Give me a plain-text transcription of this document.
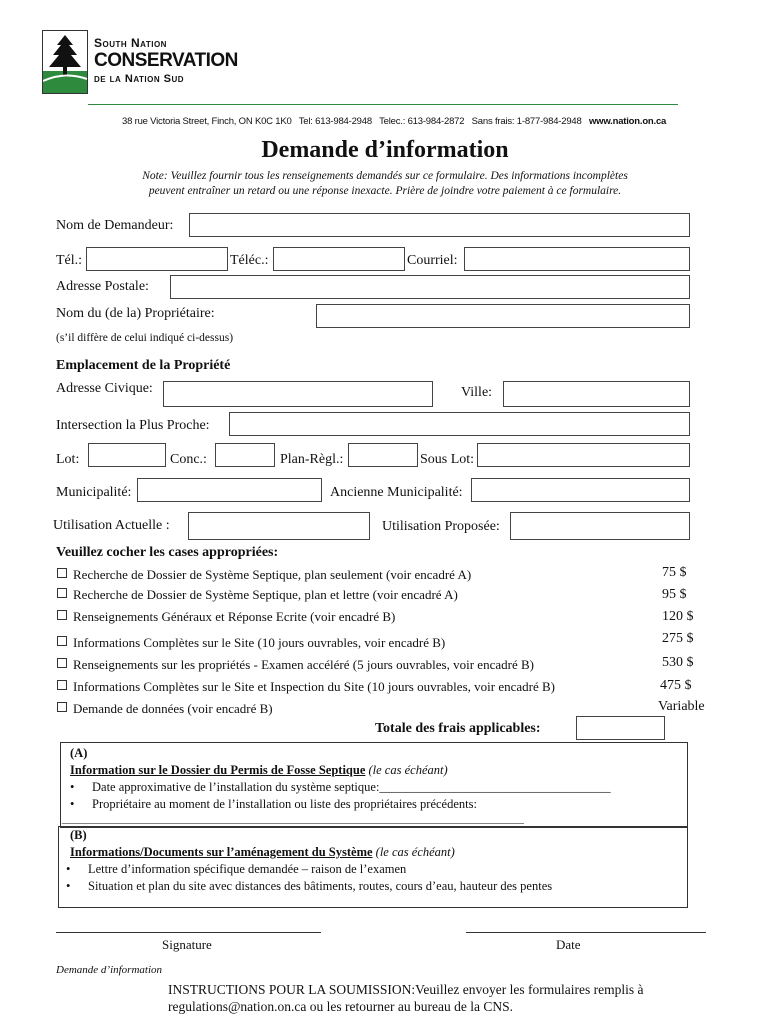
South Nation
CONSERVATION
de la Nation Sud
38 rue Victoria Street, Finch, ON K0C 1K0 Tel: 613-984-2948 Telec.: 613-984-2872 Sans frais: 1-877-984-2948 www.nation.on.ca
Demande d’information
Note: Veuillez fournir tous les renseignements demandés sur ce formulaire. Des informations incomplètes
peuvent entraîner un retard ou une réponse inexacte. Prière de joindre votre paiement à ce formulaire.
Nom de Demandeur:
Tél.:	Téléc.:	Courriel:
Adresse Postale:
Nom du (de la) Propriétaire:
(s’il diffère de celui indiqué ci-dessus)
Emplacement de la Propriété
Adresse Civique:	Ville:
Intersection la Plus Proche:
Lot:	Conc.:	Plan-Règl.:	Sous Lot:
Municipalité:	Ancienne Municipalité:
Utilisation Actuelle :	Utilisation Proposée:
Veuillez cocher les cases appropriées:
Recherche de Dossier de Système Septique, plan seulement (voir encadré A)	75 $
Recherche de Dossier de Système Septique, plan et lettre (voir encadré A)	95 $
Renseignements Généraux et Réponse Ecrite (voir encadré B)	120 $
Informations Complètes sur le Site (10 jours ouvrables, voir encadré B)	275 $
Renseignements sur les propriétés - Examen accéléré (5 jours ouvrables, voir encadré B)	530 $
Informations Complètes sur le Site et Inspection du Site (10 jours ouvrables, voir encadré B)	475 $
Demande de données (voir encadré B)	Variable
Totale des frais applicables:
(A)
Information sur le Dossier du Permis de Fosse Septique (le cas échéant)
• Date approximative de l’installation du système septique:_____________________________________
• Propriétaire au moment de l’installation ou liste des propriétaires précédents:
____________________________________________________________________________________
(B)
Informations/Documents sur l’aménagement du Système (le cas échéant)
• Lettre d’information spécifique demandée – raison de l’examen
• Situation et plan du site avec distances des bâtiments, routes, cours d’eau, hauteur des pentes
Signature	Date
Demande d’information
INSTRUCTIONS POUR LA SOUMISSION:Veuillez envoyer les formulaires remplis à
regulations@nation.on.ca ou les retourner au bureau de la CNS.
